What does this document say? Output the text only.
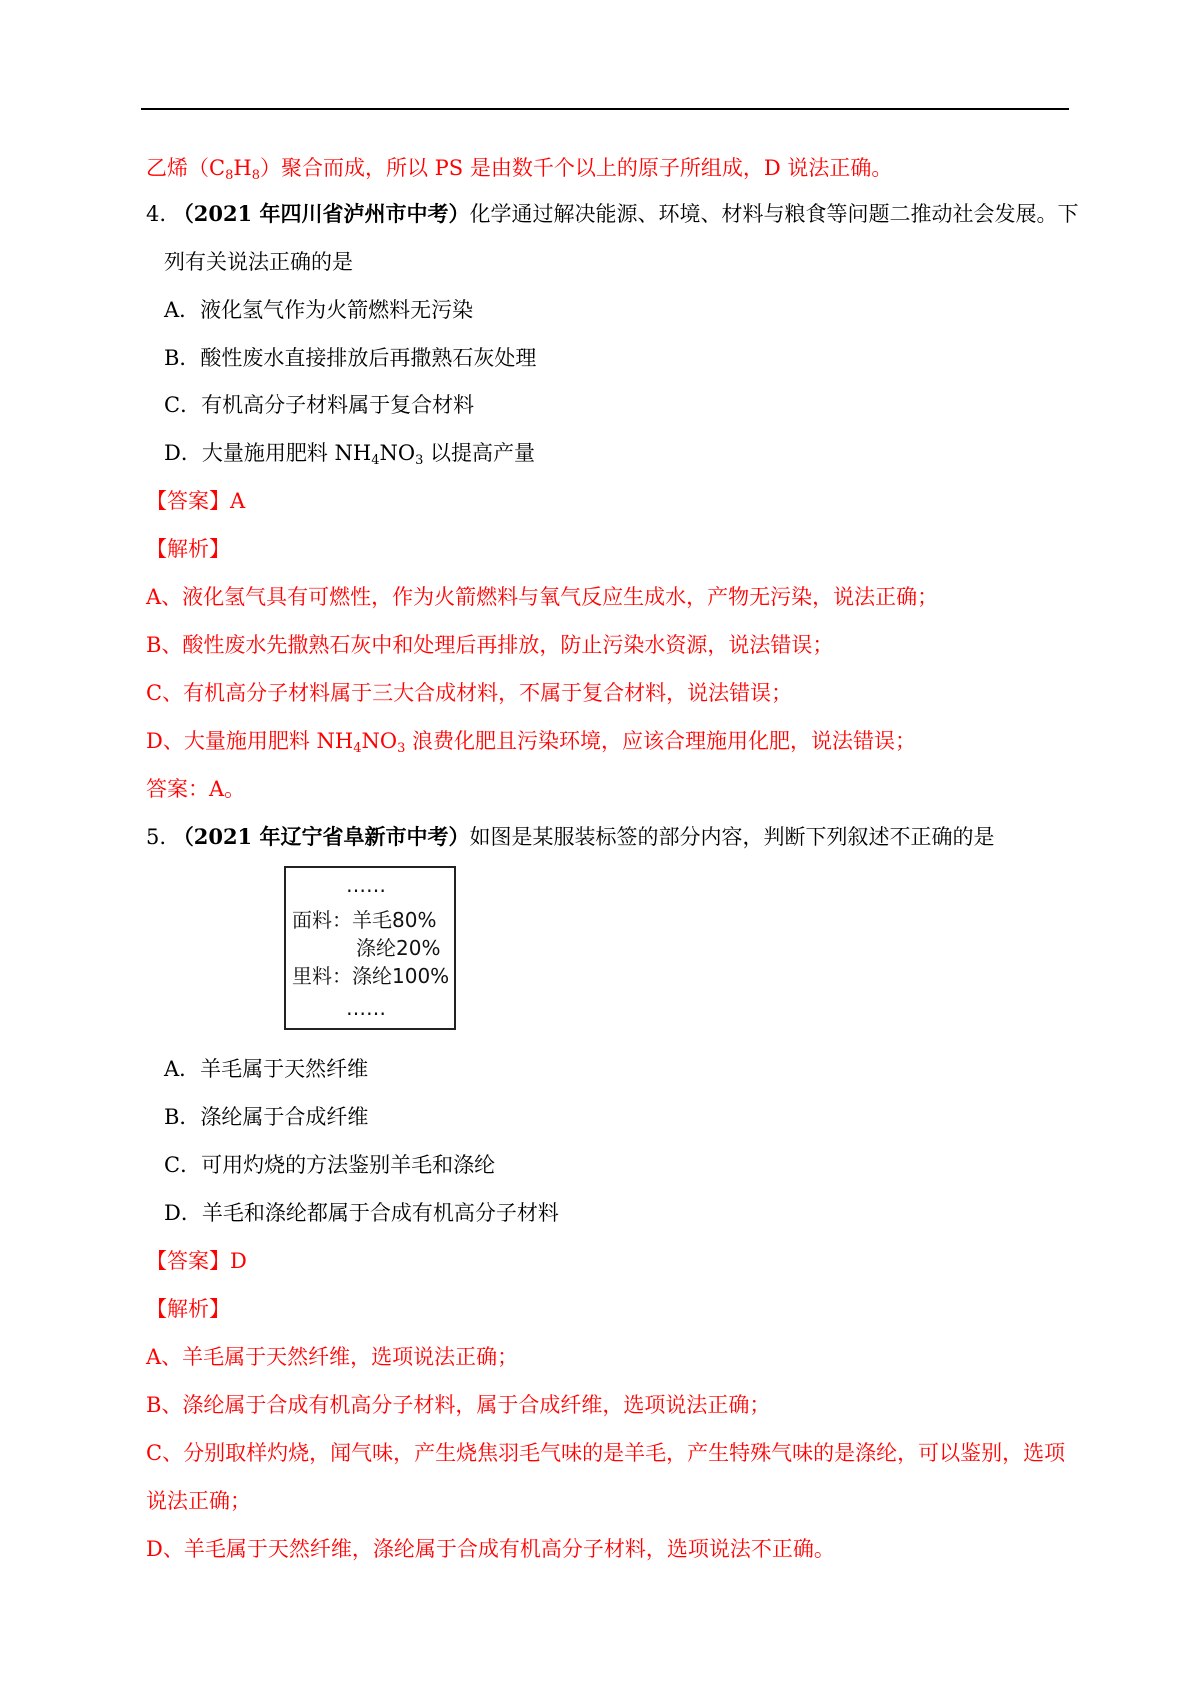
乙烯$(C_8H_8)$聚合而成，所以 PS 是由数千个以上的原子所组成，D 说法正确。
4. （2021 年四川省泸州市中考）化学通过解决能源、环境、材料与粮食等问题二推动社会发展。下
列有关说法正确的是
A．液化氢气作为火箭燃料无污染
B．酸性废水直接排放后再撒熟石灰处理
C．有机高分子材料属于复合材料
D．大量施用肥料 $NH_4NO_3$ 以提高产量
【答案】A
【解析】
A、液化氢气具有可燃性，作为火箭燃料与氧气反应生成水，产物无污染，说法正确；
B、酸性废水先撒熟石灰中和处理后再排放，防止污染水资源，说法错误；
C、有机高分子材料属于三大合成材料，不属于复合材料，说法错误；
D、大量施用肥料 $NH_4NO_3$ 浪费化肥且污染环境，应该合理施用化肥，说法错误；
答案：A。
5. （2021 年辽宁省阜新市中考）如图是某服装标签的部分内容，判断下列叙述不正确的是
……
面料：羊毛80%
涤纶20%
里料：涤纶100%
……
A．羊毛属于天然纤维
B．涤纶属于合成纤维
C．可用灼烧的方法鉴别羊毛和涤纶
D．羊毛和涤纶都属于合成有机高分子材料
【答案】D
【解析】
A、羊毛属于天然纤维，选项说法正确；
B、涤纶属于合成有机高分子材料，属于合成纤维，选项说法正确；
C、分别取样灼烧，闻气味，产生烧焦羽毛气味的是羊毛，产生特殊气味的是涤纶，可以鉴别，选项
说法正确；
D、羊毛属于天然纤维，涤纶属于合成有机高分子材料，选项说法不正确。
